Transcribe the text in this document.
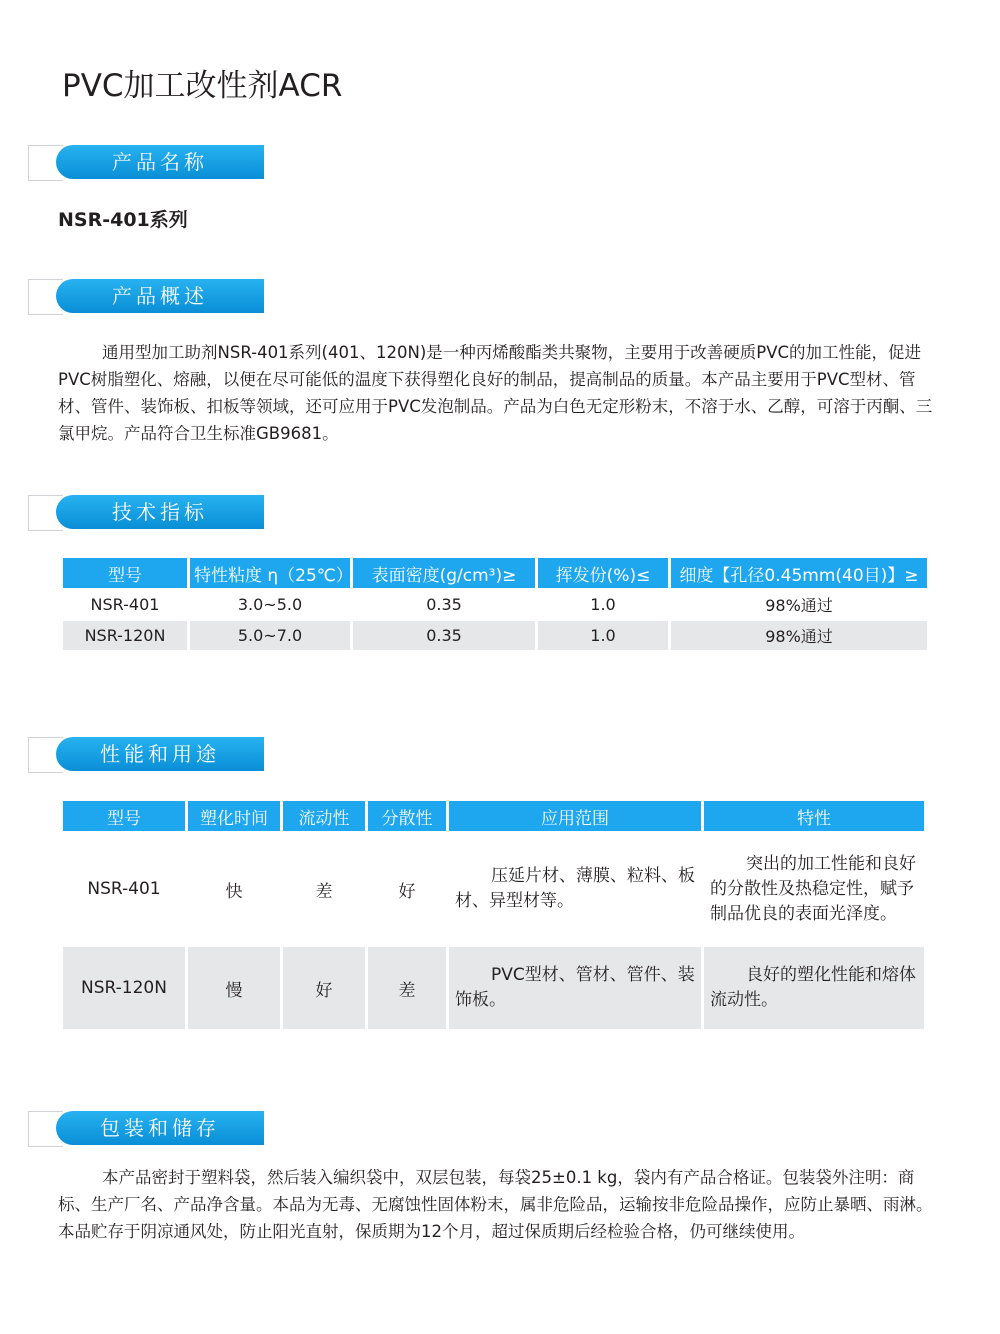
PVC加工改性剂ACR
产品名称
NSR-401系列
产品概述
通用型加工助剂NSR-401系列(401、120N)是一种丙烯酸酯类共聚物，主要用于改善硬质PVC的加工性能，促进PVC树脂塑化、熔融，以便在尽可能低的温度下获得塑化良好的制品，提高制品的质量。本产品主要用于PVC型材、管材、管件、装饰板、扣板等领域，还可应用于PVC发泡制品。产品为白色无定形粉末，不溶于水、乙醇，可溶于丙酮、三氯甲烷。产品符合卫生标准GB9681。
技术指标
型号	特性粘度 η（25℃）	表面密度(g/cm³)≥	挥发份(%)≤	细度【孔径0.45mm(40目)】≥
NSR-401	3.0~5.0	0.35	1.0	98%通过
NSR-120N	5.0~7.0	0.35	1.0	98%通过
性能和用途
型号	塑化时间	流动性	分散性	应用范围	特性
NSR-401	快	差	好	压延片材、薄膜、粒料、板材、异型材等。	突出的加工性能和良好的分散性及热稳定性，赋予制品优良的表面光泽度。
NSR-120N	慢	好	差	PVC型材、管材、管件、装饰板。	良好的塑化性能和熔体流动性。
包装和储存
本产品密封于塑料袋，然后装入编织袋中，双层包装，每袋25±0.1 kg，袋内有产品合格证。包装袋外注明：商标、生产厂名、产品净含量。本品为无毒、无腐蚀性固体粉末，属非危险品，运输按非危险品操作，应防止暴晒、雨淋。本品贮存于阴凉通风处，防止阳光直射，保质期为12个月，超过保质期后经检验合格，仍可继续使用。
